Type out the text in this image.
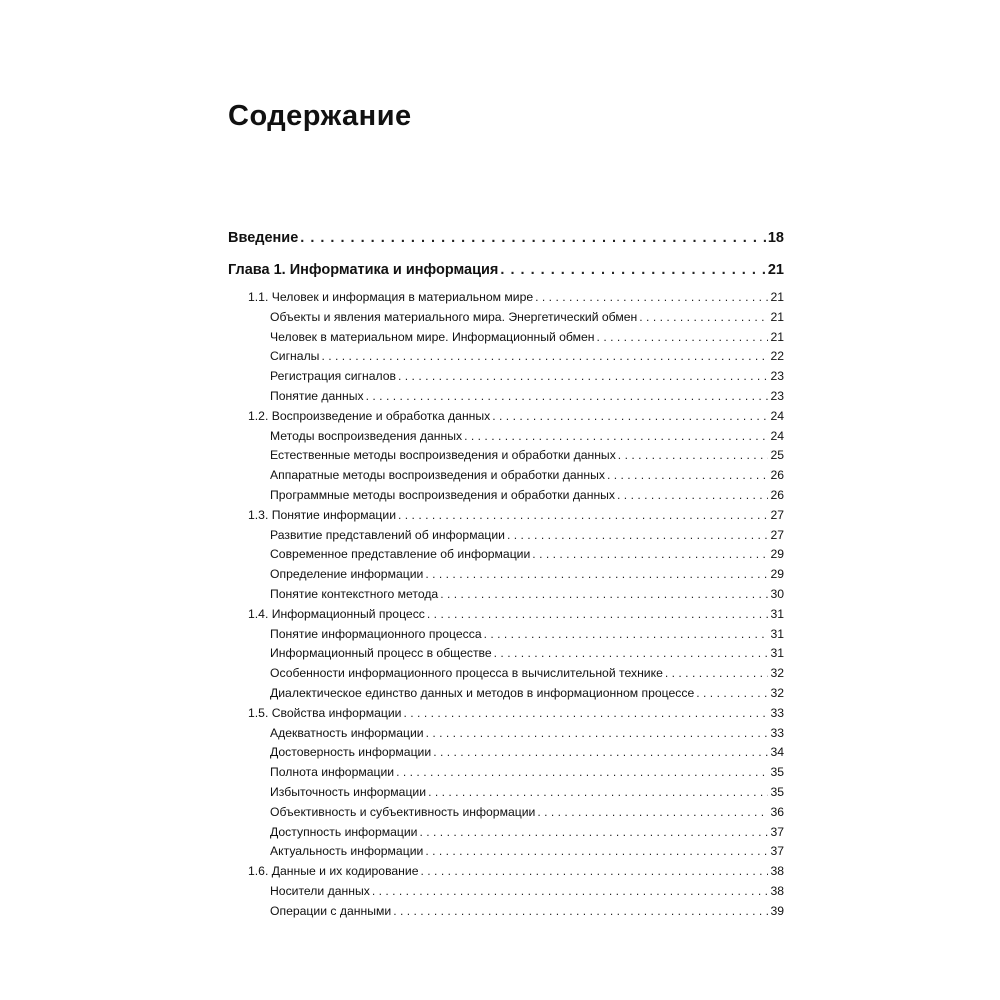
Содержание
Введение . . .	18
Глава 1. Информатика и информация . . .	21
1.1. Человек и информация в материальном мире . . .	21
Объекты и явления материального мира. Энергетический обмен . . .	21
Человек в материальном мире. Информационный обмен . . .	21
Сигналы . . .	22
Регистрация сигналов . . .	23
Понятие данных . . .	23
1.2. Воспроизведение и обработка данных . . .	24
Методы воспроизведения данных . . .	24
Естественные методы воспроизведения и обработки данных . . .	25
Аппаратные методы воспроизведения и обработки данных . . .	26
Программные методы воспроизведения и обработки данных . . .	26
1.3. Понятие информации . . .	27
Развитие представлений об информации . . .	27
Современное представление об информации . . .	29
Определение информации . . .	29
Понятие контекстного метода . . .	30
1.4. Информационный процесс . . .	31
Понятие информационного процесса . . .	31
Информационный процесс в обществе . . .	31
Особенности информационного процесса в вычислительной технике . . .	32
Диалектическое единство данных и методов в информационном процессе . . .	32
1.5. Свойства информации . . .	33
Адекватность информации . . .	33
Достоверность информации . . .	34
Полнота информации . . .	35
Избыточность информации . . .	35
Объективность и субъективность информации . . .	36
Доступность информации . . .	37
Актуальность информации . . .	37
1.6. Данные и их кодирование . . .	38
Носители данных . . .	38
Операции с данными . . .	39
